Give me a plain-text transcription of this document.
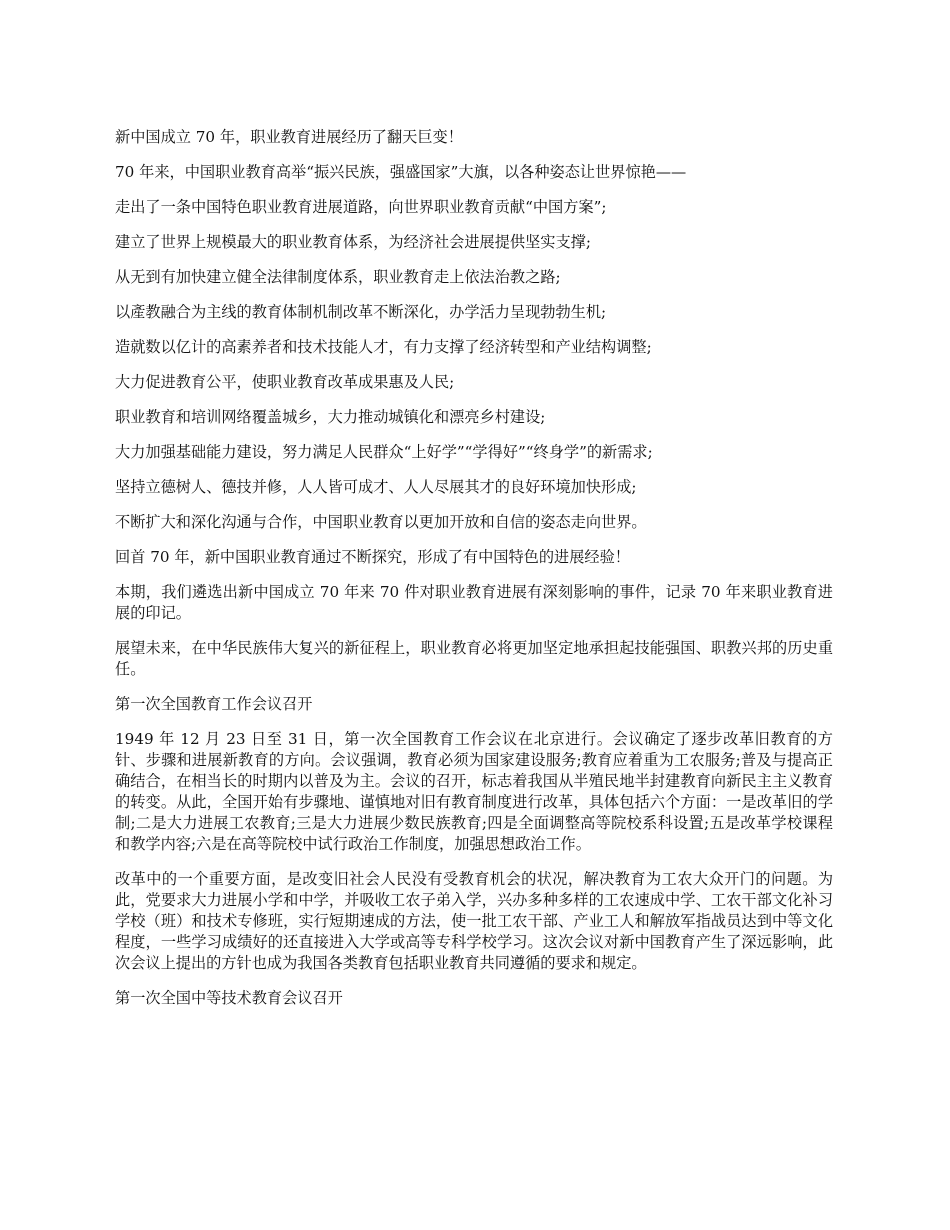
新中国成立 70 年，职业教育进展经历了翻天巨变！

70 年来，中国职业教育高举“振兴民族，强盛国家”大旗，以各种姿态让世界惊艳——

走出了一条中国特色职业教育进展道路，向世界职业教育贡献“中国方案”;

建立了世界上规模最大的职业教育体系，为经济社会进展提供坚实支撑;

从无到有加快建立健全法律制度体系，职业教育走上依法治教之路;

以產教融合为主线的教育体制机制改革不断深化，办学活力呈现勃勃生机;

造就数以亿计的高素养者和技术技能人才，有力支撑了经济转型和产业结构调整;

大力促进教育公平，使职业教育改革成果惠及人民;

职业教育和培训网络覆盖城乡，大力推动城镇化和漂亮乡村建设;

大力加强基础能力建设，努力满足人民群众“上好学”“学得好”“终身学”的新需求;

坚持立德树人、德技并修，人人皆可成才、人人尽展其才的良好环境加快形成;

不断扩大和深化沟通与合作，中国职业教育以更加开放和自信的姿态走向世界。

回首 70 年，新中国职业教育通过不断探究，形成了有中国特色的进展经验！

本期，我们遴选出新中国成立 70 年来 70 件对职业教育进展有深刻影响的事件，记录 70 年来职业教育进展的印记。

展望未来，在中华民族伟大复兴的新征程上，职业教育必将更加坚定地承担起技能强国、职教兴邦的历史重任。

第一次全国教育工作会议召开

1949 年 12 月 23 日至 31 日，第一次全国教育工作会议在北京进行。会议确定了逐步改革旧教育的方针、步骤和进展新教育的方向。会议强调，教育必须为国家建设服务;教育应着重为工农服务;普及与提高正确结合，在相当长的时期内以普及为主。会议的召开，标志着我国从半殖民地半封建教育向新民主主义教育的转变。从此，全国开始有步骤地、谨慎地对旧有教育制度进行改革，具体包括六个方面：一是改革旧的学制;二是大力进展工农教育;三是大力进展少数民族教育;四是全面调整高等院校系科设置;五是改革学校课程和教学内容;六是在高等院校中试行政治工作制度，加强思想政治工作。

改革中的一个重要方面，是改变旧社会人民没有受教育机会的状况，解决教育为工农大众开门的问题。为此，党要求大力进展小学和中学，并吸收工农子弟入学，兴办多种多样的工农速成中学、工农干部文化补习学校（班）和技术专修班，实行短期速成的方法，使一批工农干部、产业工人和解放军指战员达到中等文化程度，一些学习成绩好的还直接进入大学或高等专科学校学习。这次会议对新中国教育产生了深远影响，此次会议上提出的方针也成为我国各类教育包括职业教育共同遵循的要求和规定。

第一次全国中等技术教育会议召开
